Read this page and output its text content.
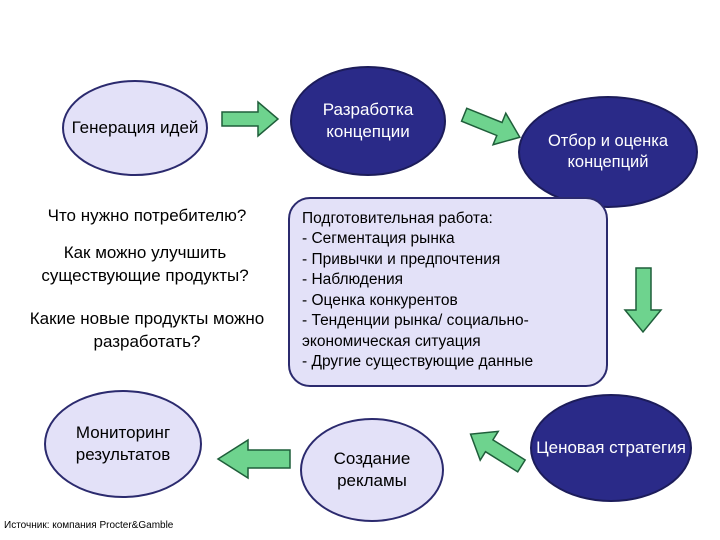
Генерация идей
Разработка концепции	Отбор и оценка концепций
Что нужно потребителю?
Как можно улучшить существующие продукты?
Какие новые продукты можно разработать?
Подготовительная работа:
- Сегментация рынка
- Привычки и предпочтения
- Наблюдения
- Оценка конкурентов
- Тенденции рынка/ социально-экономическая ситуация
- Другие существующие данные
Мониторинг результатов	Ценовая стратегия
Создание рекламы
Источник: компания Procter&Gamble
